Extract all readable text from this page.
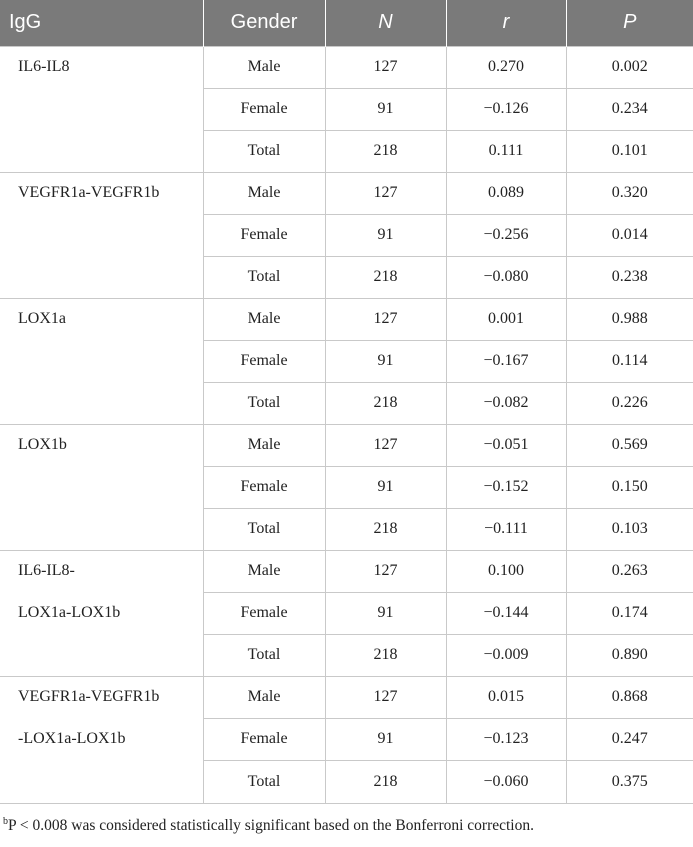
IgG	Gender	N	r	P

IL6-IL8	Male	127	0.270	0.002
	Female	91	−0.126	0.234
	Total	218	0.111	0.101

VEGFR1a-VEGFR1b	Male	127	0.089	0.320
	Female	91	−0.256	0.014
	Total	218	−0.080	0.238

LOX1a	Male	127	0.001	0.988
	Female	91	−0.167	0.114
	Total	218	−0.082	0.226

LOX1b	Male	127	−0.051	0.569
	Female	91	−0.152	0.150
	Total	218	−0.111	0.103

IL6-IL8-
LOX1a-LOX1b	Male	127	0.100	0.263
	Female	91	−0.144	0.174
	Total	218	−0.009	0.890

VEGFR1a-VEGFR1b
-LOX1a-LOX1b	Male	127	0.015	0.868
	Female	91	−0.123	0.247
	Total	218	−0.060	0.375
$^b$P < 0.008 was considered statistically significant based on the Bonferroni correction.
